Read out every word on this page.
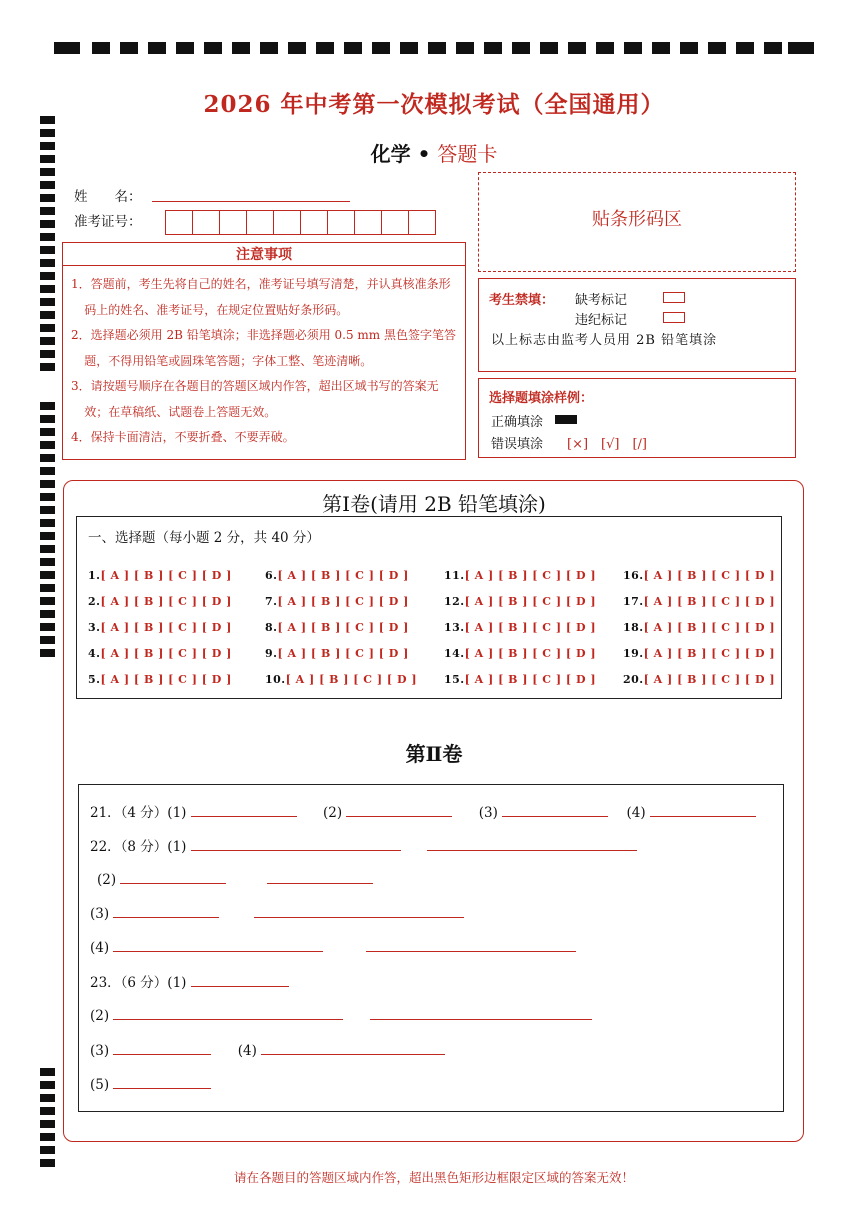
2026 年中考第一次模拟考试（全国通用）
化学 • 答题卡
姓　　名：
准考证号：
注意事项

1．答题前，考生先将自己的姓名，准考证号填写清楚，并认真核准条形码上的姓名、准考证号，在规定位置贴好条形码。

2．选择题必须用 2B 铅笔填涂；非选择题必须用 0.5 mm 黑色签字笔答题，不得用铅笔或圆珠笔答题；字体工整、笔迹清晰。

3．请按题号顺序在各题目的答题区域内作答，超出区域书写的答案无效；在草稿纸、试题卷上答题无效。

4．保持卡面清洁，不要折叠、不要弄破。

贴条形码区
考生禁填： 缺考标记
违纪标记
以上标志由监考人员用 2B 铅笔填涂
选择题填涂样例：
正确填涂
错误填涂 [×]　[√]　[/]
第Ⅰ卷(请用 2B 铅笔填涂)
一、选择题（每小题 2 分，共 40 分）
1.[ A ] [ B ] [ C ] [ D ]
2.[ A ] [ B ] [ C ] [ D ]
3.[ A ] [ B ] [ C ] [ D ]
4.[ A ] [ B ] [ C ] [ D ]
5.[ A ] [ B ] [ C ] [ D ]
6.[ A ] [ B ] [ C ] [ D ]
7.[ A ] [ B ] [ C ] [ D ]
8.[ A ] [ B ] [ C ] [ D ]
9.[ A ] [ B ] [ C ] [ D ]
10.[ A ] [ B ] [ C ] [ D ]
11.[ A ] [ B ] [ C ] [ D ]
12.[ A ] [ B ] [ C ] [ D ]
13.[ A ] [ B ] [ C ] [ D ]
14.[ A ] [ B ] [ C ] [ D ]
15.[ A ] [ B ] [ C ] [ D ]
16.[ A ] [ B ] [ C ] [ D ]
17.[ A ] [ B ] [ C ] [ D ]
18.[ A ] [ B ] [ C ] [ D ]
19.[ A ] [ B ] [ C ] [ D ]
20.[ A ] [ B ] [ C ] [ D ]
第Ⅱ卷
21．（4 分）(1)	(2)	(3)	(4)
22．（8 分）(1)
(2)
(3)
(4)
23．（6 分）(1)
(2)
(3)	(4)
(5)
请在各题目的答题区域内作答，超出黑色矩形边框限定区域的答案无效！
